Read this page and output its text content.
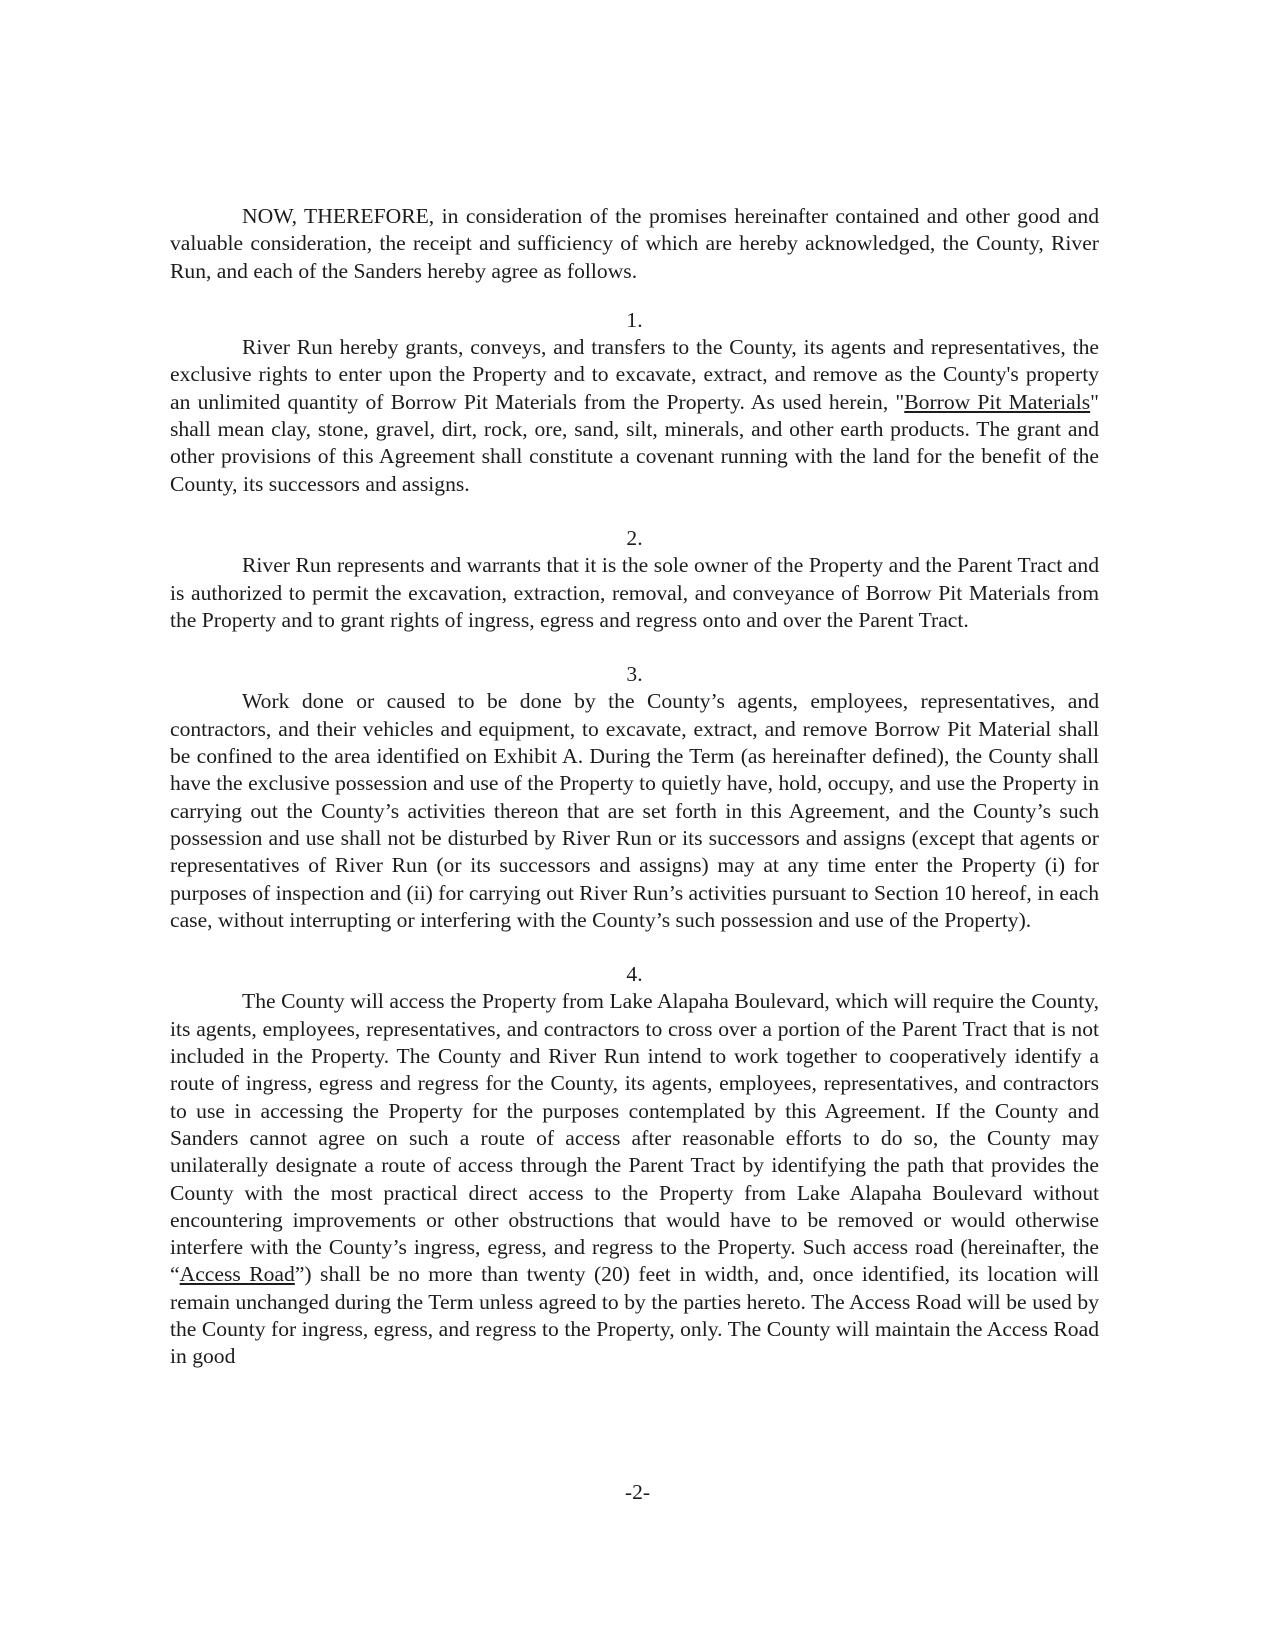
NOW, THEREFORE, in consideration of the promises hereinafter contained and other good and valuable consideration, the receipt and sufficiency of which are hereby acknowledged, the County, River Run, and each of the Sanders hereby agree as follows.

1.

River Run hereby grants, conveys, and transfers to the County, its agents and representatives, the exclusive rights to enter upon the Property and to excavate, extract, and remove as the County's property an unlimited quantity of Borrow Pit Materials from the Property. As used herein, "Borrow Pit Materials" shall mean clay, stone, gravel, dirt, rock, ore, sand, silt, minerals, and other earth products. The grant and other provisions of this Agreement shall constitute a covenant running with the land for the benefit of the County, its successors and assigns.

2.

River Run represents and warrants that it is the sole owner of the Property and the Parent Tract and is authorized to permit the excavation, extraction, removal, and conveyance of Borrow Pit Materials from the Property and to grant rights of ingress, egress and regress onto and over the Parent Tract.

3.

Work done or caused to be done by the County’s agents, employees, representatives, and contractors, and their vehicles and equipment, to excavate, extract, and remove Borrow Pit Material shall be confined to the area identified on Exhibit A. During the Term (as hereinafter defined), the County shall have the exclusive possession and use of the Property to quietly have, hold, occupy, and use the Property in carrying out the County’s activities thereon that are set forth in this Agreement, and the County’s such possession and use shall not be disturbed by River Run or its successors and assigns (except that agents or representatives of River Run (or its successors and assigns) may at any time enter the Property (i) for purposes of inspection and (ii) for carrying out River Run’s activities pursuant to Section 10 hereof, in each case, without interrupting or interfering with the County’s such possession and use of the Property).

4.

The County will access the Property from Lake Alapaha Boulevard, which will require the County, its agents, employees, representatives, and contractors to cross over a portion of the Parent Tract that is not included in the Property. The County and River Run intend to work together to cooperatively identify a route of ingress, egress and regress for the County, its agents, employees, representatives, and contractors to use in accessing the Property for the purposes contemplated by this Agreement. If the County and Sanders cannot agree on such a route of access after reasonable efforts to do so, the County may unilaterally designate a route of access through the Parent Tract by identifying the path that provides the County with the most practical direct access to the Property from Lake Alapaha Boulevard without encountering improvements or other obstructions that would have to be removed or would otherwise interfere with the County’s ingress, egress, and regress to the Property. Such access road (hereinafter, the “Access Road”) shall be no more than twenty (20) feet in width, and, once identified, its location will remain unchanged during the Term unless agreed to by the parties hereto. The Access Road will be used by the County for ingress, egress, and regress to the Property, only. The County will maintain the Access Road in good

-2-
